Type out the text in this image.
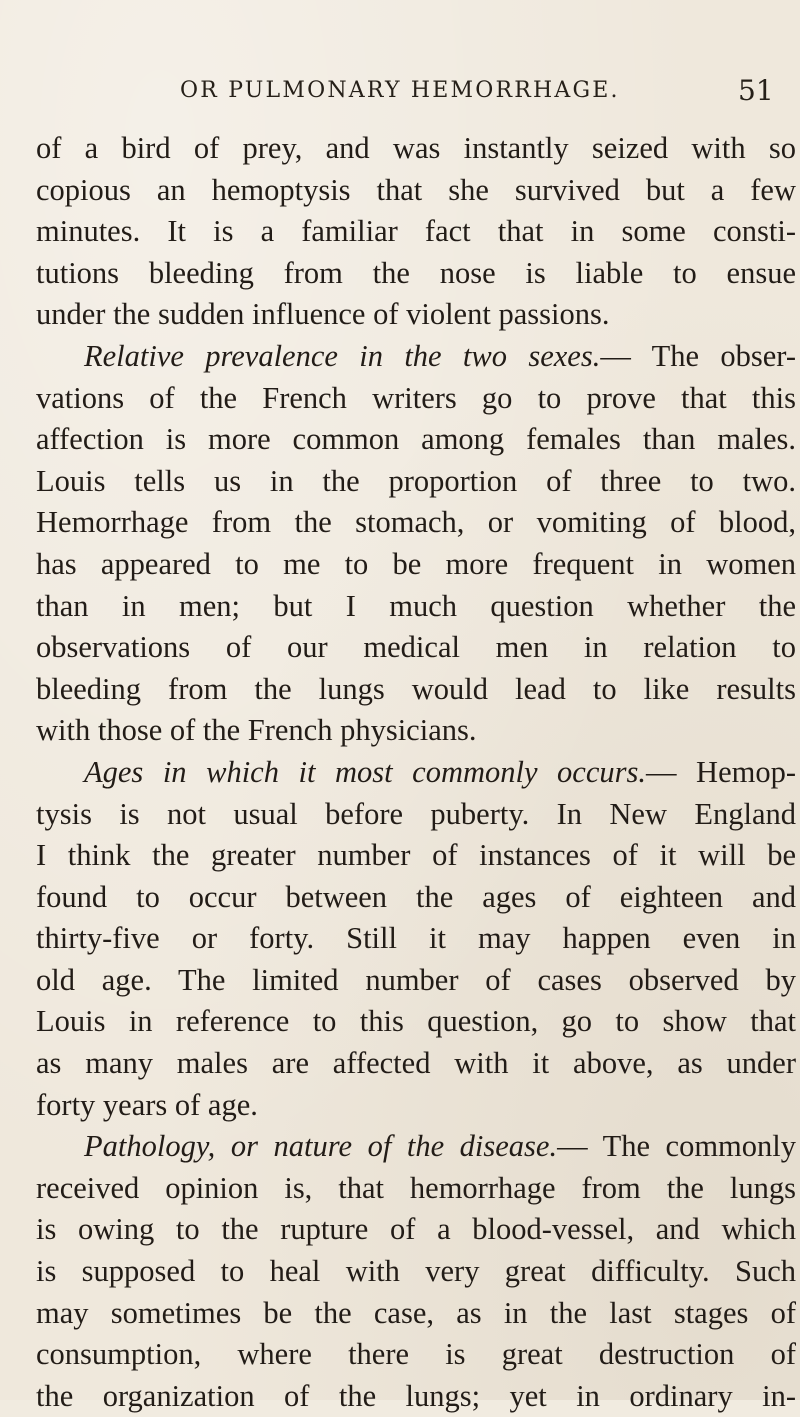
OR PULMONARY HEMORRHAGE.	51
of a bird of prey, and was instantly seized with so
copious an hemoptysis that she survived but a few
minutes. It is a familiar fact that in some consti-
tutions bleeding from the nose is liable to ensue
under the sudden influence of violent passions.
Relative prevalence in the two sexes.— The obser-
vations of the French writers go to prove that this
affection is more common among females than males.
Louis tells us in the proportion of three to two.
Hemorrhage from the stomach, or vomiting of blood,
has appeared to me to be more frequent in women
than in men; but I much question whether the
observations of our medical men in relation to
bleeding from the lungs would lead to like results
with those of the French physicians.
Ages in which it most commonly occurs.— Hemop-
tysis is not usual before puberty. In New England
I think the greater number of instances of it will be
found to occur between the ages of eighteen and
thirty-five or forty. Still it may happen even in
old age. The limited number of cases observed by
Louis in reference to this question, go to show that
as many males are affected with it above, as under
forty years of age.
Pathology, or nature of the disease.— The commonly
received opinion is, that hemorrhage from the lungs
is owing to the rupture of a blood-vessel, and which
is supposed to heal with very great difficulty. Such
may sometimes be the case, as in the last stages of
consumption, where there is great destruction of
the organization of the lungs; yet in ordinary in-
